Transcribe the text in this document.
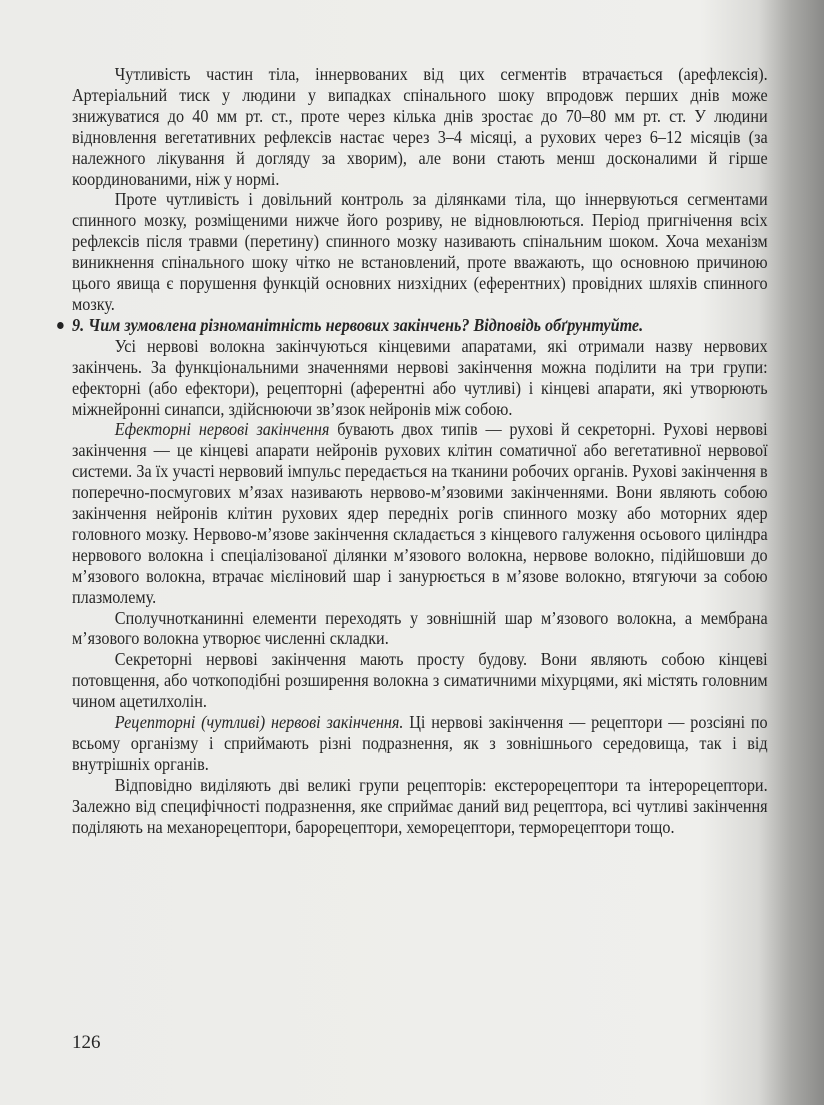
Чутливість частин тіла, іннервованих від цих сегментів втрачається (арефлексія). Артеріальний тиск у людини у випадках спінального шоку впродовж перших днів може знижуватися до 40 мм рт. ст., проте через кілька днів зростає до 70–80 мм рт. ст. У людини відновлення вегетативних рефлексів настає через 3–4 місяці, а рухових через 6–12 місяців (за належного лікування й догляду за хворим), але вони стають менш досконалими й гірше координованими, ніж у нормі.

Проте чутливість і довільний контроль за ділянками тіла, що іннервуються сегментами спинного мозку, розміщеними нижче його розриву, не відновлюються. Період пригнічення всіх рефлексів після травми (перетину) спинного мозку називають спінальним шоком. Хоча механізм виникнення спінального шоку чітко не встановлений, проте вважають, що основною причиною цього явища є порушення функцій основних низхідних (еферентних) провідних шляхів спинного мозку.

9. Чим зумовлена різноманітність нервових закінчень? Відповідь обґрунтуйте.

Усі нервові волокна закінчуються кінцевими апаратами, які отримали назву нервових закінчень. За функціональними значеннями нервові закінчення можна поділити на три групи: ефекторні (або ефектори), рецепторні (аферентні або чутливі) і кінцеві апарати, які утворюють міжнейронні синапси, здійснюючи зв’язок нейронів між собою.

Ефекторні нервові закінчення бувають двох типів — рухові й секреторні. Рухові нервові закінчення — це кінцеві апарати нейронів рухових клітин соматичної або вегетативної нервової системи. За їх участі нервовий імпульс передається на тканини робочих органів. Рухові закінчення в поперечно-посмугових м’язах називають нервово-м’язовими закінченнями. Вони являють собою закінчення нейронів клітин рухових ядер передніх рогів спинного мозку або моторних ядер головного мозку. Нервово-м’язове закінчення складається з кінцевого галуження осьового циліндра нервового волокна і спеціалізованої ділянки м’язового волокна, нервове волокно, підійшовши до м’язового волокна, втрачає мієліновий шар і занурюється в м’язове волокно, втягуючи за собою плазмолему.

Сполучнотканинні елементи переходять у зовнішній шар м’язового волокна, а мембрана м’язового волокна утворює численні складки.

Секреторні нервові закінчення мають просту будову. Вони являють собою кінцеві потовщення, або чоткоподібні розширення волокна з симатичними міхурцями, які містять головним чином ацетилхолін.

Рецепторні (чутливі) нервові закінчення. Ці нервові закінчення — рецептори — розсіяні по всьому організму і сприймають різні подразнення, як з зовнішнього середовища, так і від внутрішніх органів.

Відповідно виділяють дві великі групи рецепторів: екстерорецептори та інтерорецептори. Залежно від специфічності подразнення, яке сприймає даний вид рецептора, всі чутливі закінчення поділяють на механорецептори, барорецептори, хеморецептори, терморецептори тощо.

126
